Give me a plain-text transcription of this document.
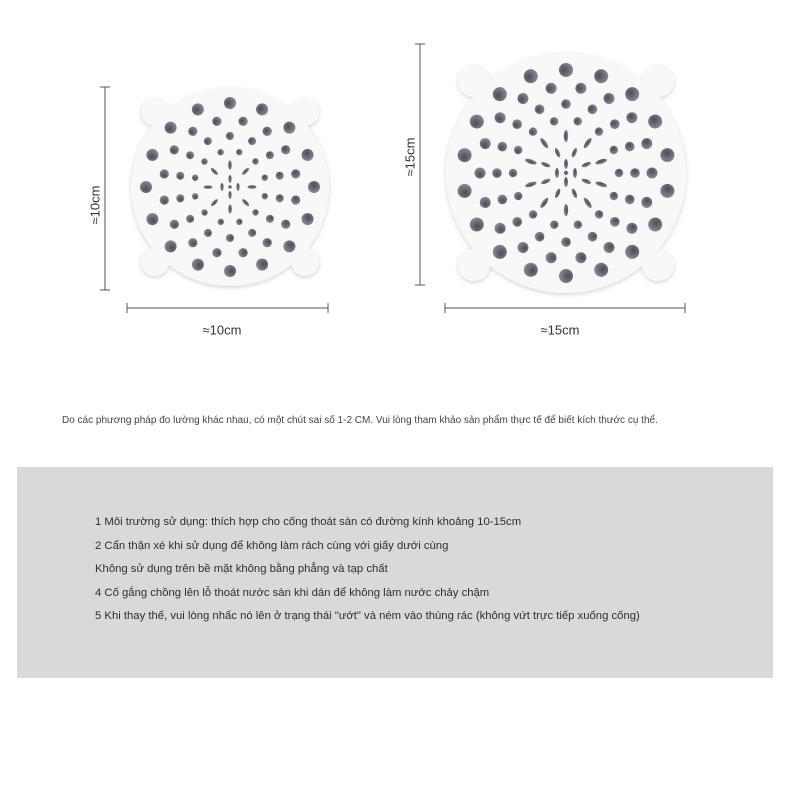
≈10cm
≈10cm
≈15cm
≈15cm
Do các phương pháp đo lường khác nhau, có một chút sai số 1-2 CM. Vui lòng tham khảo sản phẩm thực tế để biết kích thước cụ thể.
1 Môi trường sử dụng: thích hợp cho cống thoát sàn có đường kính khoảng 10-15cm
2 Cẩn thận xé khi sử dụng để không làm rách cùng với giấy dưới cùng
Không sử dụng trên bề mặt không bằng phẳng và tạp chất
4 Cố gắng chồng lên lỗ thoát nước sàn khi dán để không làm nước chảy chậm
5 Khi thay thế, vui lòng nhấc nó lên ở trạng thái "ướt" và ném vào thùng rác (không vứt trực tiếp xuống cống)
